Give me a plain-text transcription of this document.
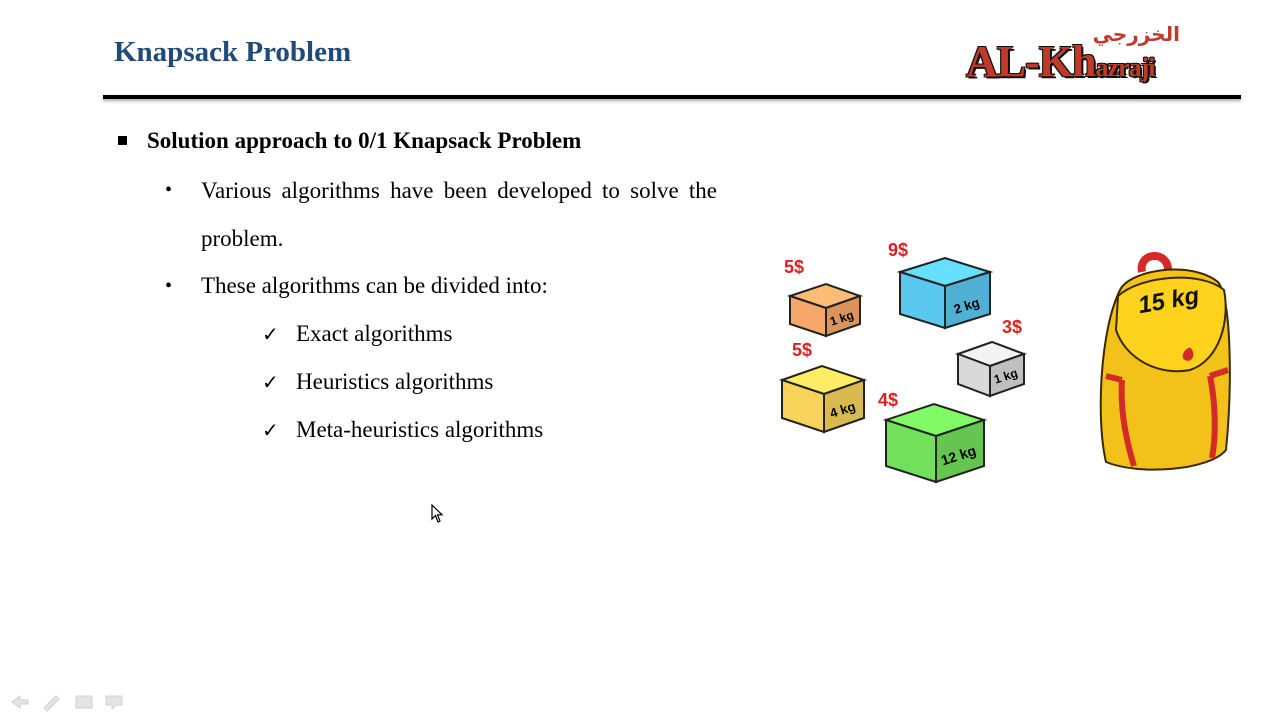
Knapsack Problem
الخزرجي
AL-Khazraji
Solution approach to 0/1 Knapsack Problem
• Various algorithms have been developed to solve the problem.
• These algorithms can be divided into:
✓ Exact algorithms
✓ Heuristics algorithms
✓ Meta-heuristics algorithms
1 kg
5$
2 kg
9$
1 kg
3$
4 kg
5$
12 kg
4$
15 kg
